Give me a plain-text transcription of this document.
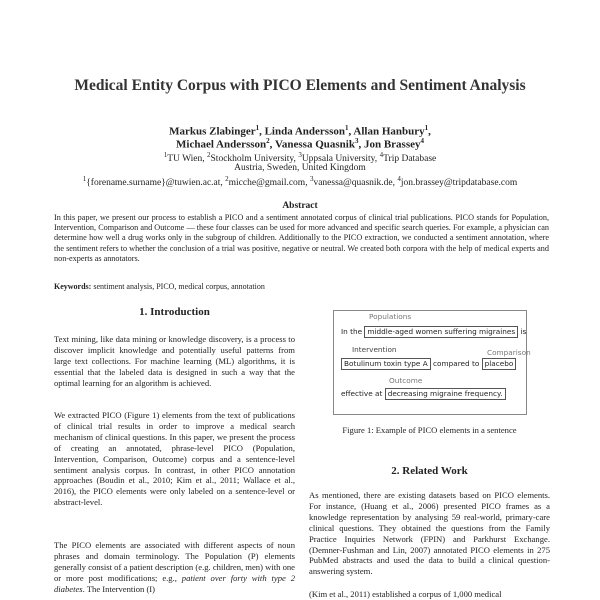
Medical Entity Corpus with PICO Elements and Sentiment Analysis
Markus Zlabinger$^1$, Linda Andersson$^1$, Allan Hanbury$^1$,
Michael Andersson$^2$, Vanessa Quasnik$^3$, Jon Brassey$^4$
$^1$TU Wien, $^2$Stockholm University, $^3$Uppsala University, $^4$Trip Database
Austria, Sweden, United Kingdom
$^1${forename.surname}@tuwien.ac.at, $^2$micche@gmail.com, $^3$vanessa@quasnik.de, $^4$jon.brassey@tripdatabase.com
Abstract
In this paper, we present our process to establish a PICO and a sentiment annotated corpus of clinical trial publications. PICO stands for Population, Intervention, Comparison and Outcome — these four classes can be used for more advanced and specific search queries. For example, a physician can determine how well a drug works only in the subgroup of children. Additionally to the PICO extraction, we conducted a sentiment annotation, where the sentiment refers to whether the conclusion of a trial was positive, negative or neutral. We created both corpora with the help of medical experts and non-experts as annotators.
Keywords: sentiment analysis, PICO, medical corpus, annotation
1. Introduction
Text mining, like data mining or knowledge discovery, is a process to discover implicit knowledge and potentially useful patterns from large text collections. For machine learning (ML) algorithms, it is essential that the labeled data is designed in such a way that the optimal learning for an algorithm is achieved.
We extracted PICO (Figure 1) elements from the text of publications of clinical trial results in order to improve a medical search mechanism of clinical questions. In this paper, we present the process of creating an annotated, phrase-level PICO (Population, Intervention, Comparison, Outcome) corpus and a sentence-level sentiment analysis corpus. In contrast, in other PICO annotation approaches (Boudin et al., 2010; Kim et al., 2011; Wallace et al., 2016), the PICO elements were only labeled on a sentence-level or abstract-level.
The PICO elements are associated with different aspects of noun phrases and domain terminology. The Population (P) elements generally consist of a patient description (e.g. children, men) with one or more post modifications; e.g., patient over forty with type 2 diabetes. The Intervention (I)
Populations
In the middle-aged women suffering migraines is
Intervention	Comparison
Botulinum toxin type A compared to placebo
Outcome
effective at decreasing migraine frequency.
Figure 1: Example of PICO elements in a sentence
2. Related Work
As mentioned, there are existing datasets based on PICO elements. For instance, (Huang et al., 2006) presented PICO frames as a knowledge representation by analysing 59 real-world, primary-care clinical questions. They obtained the questions from the Family Practice Inquiries Network (FPIN) and Parkhurst Exchange. (Demner-Fushman and Lin, 2007) annotated PICO elements in 275 PubMed abstracts and used the data to build a clinical question-answering system.
(Kim et al., 2011) established a corpus of 1,000 medical
